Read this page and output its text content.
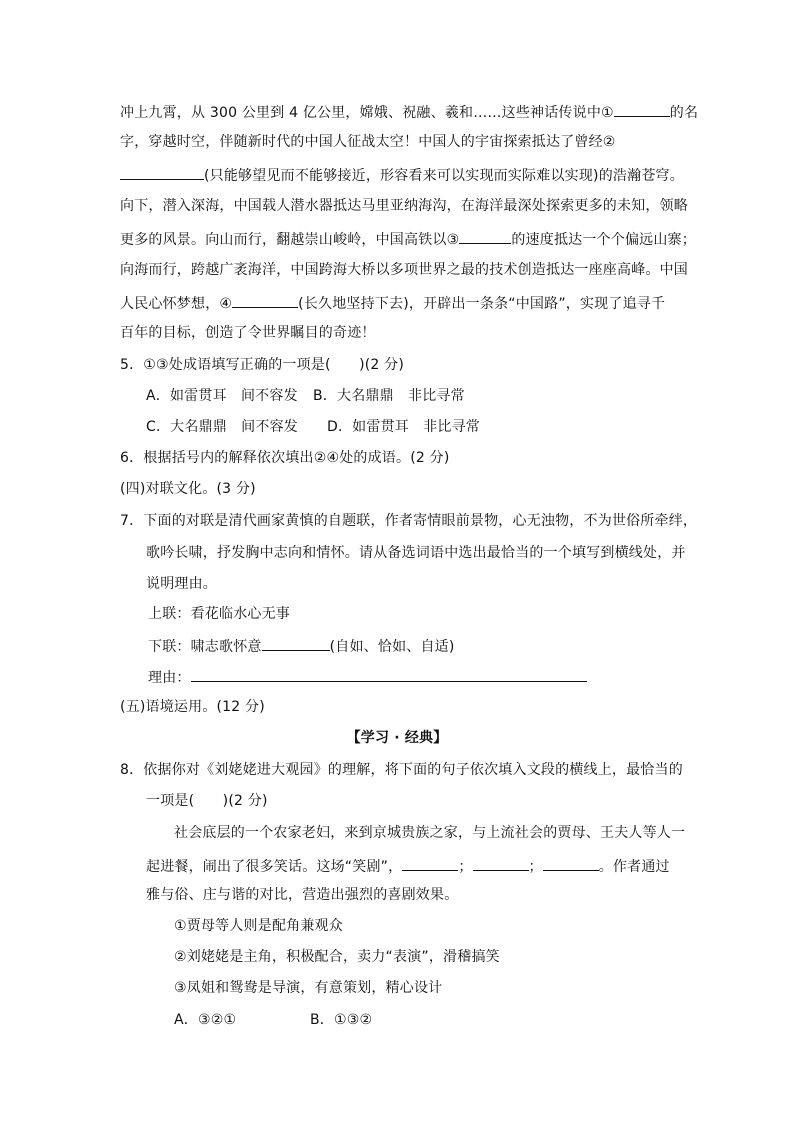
冲上九霄，从 300 公里到 4 亿公里，嫦娥、祝融、羲和……这些神话传说中①	的名
字，穿越时空，伴随新时代的中国人征战太空！中国人的宇宙探索抵达了曾经②
(只能够望见而不能够接近，形容看来可以实现而实际难以实现)的浩瀚苍穹。
向下，潜入深海，中国载人潜水器抵达马里亚纳海沟，在海洋最深处探索更多的未知，领略
更多的风景。向山而行，翻越崇山峻岭，中国高铁以③	的速度抵达一个个偏远山寨；
向海而行，跨越广袤海洋，中国跨海大桥以多项世界之最的技术创造抵达一座座高峰。中国
人民心怀梦想，④	(长久地坚持下去)，开辟出一条条“中国路”，实现了追寻千
百年的目标，创造了令世界瞩目的奇迹！
5．①③处成语填写正确的一项是(　　)(2 分)
A．如雷贯耳　间不容发 B．大名鼎鼎　非比寻常
C．大名鼎鼎　间不容发 D．如雷贯耳　非比寻常
6．根据括号内的解释依次填出②④处的成语。(2 分)
(四)对联文化。(3 分)
7．下面的对联是清代画家黄慎的自题联，作者寄情眼前景物，心无浊物，不为世俗所牵绊，
歌吟长啸，抒发胸中志向和情怀。请从备选词语中选出最恰当的一个填写到横线处，并
说明理由。
上联：看花临水心无事
下联：啸志歌怀意	(自如、恰如、自适)
理由：
(五)语境运用。(12 分)
【学习 · 经典】
8．依据你对《刘姥姥进大观园》的理解，将下面的句子依次填入文段的横线上，最恰当的
一项是(　　)(2 分)
社会底层的一个农家老妇，来到京城贵族之家，与上流社会的贾母、王夫人等人一
起进餐，闹出了很多笑话。这场“笑剧”，	；	；	。作者通过
雅与俗、庄与谐的对比，营造出强烈的喜剧效果。
①贾母等人则是配角兼观众
②刘姥姥是主角，积极配合，卖力“表演”，滑稽搞笑
③凤姐和鸳鸯是导演，有意策划，精心设计
A．③②①	B．①③②
